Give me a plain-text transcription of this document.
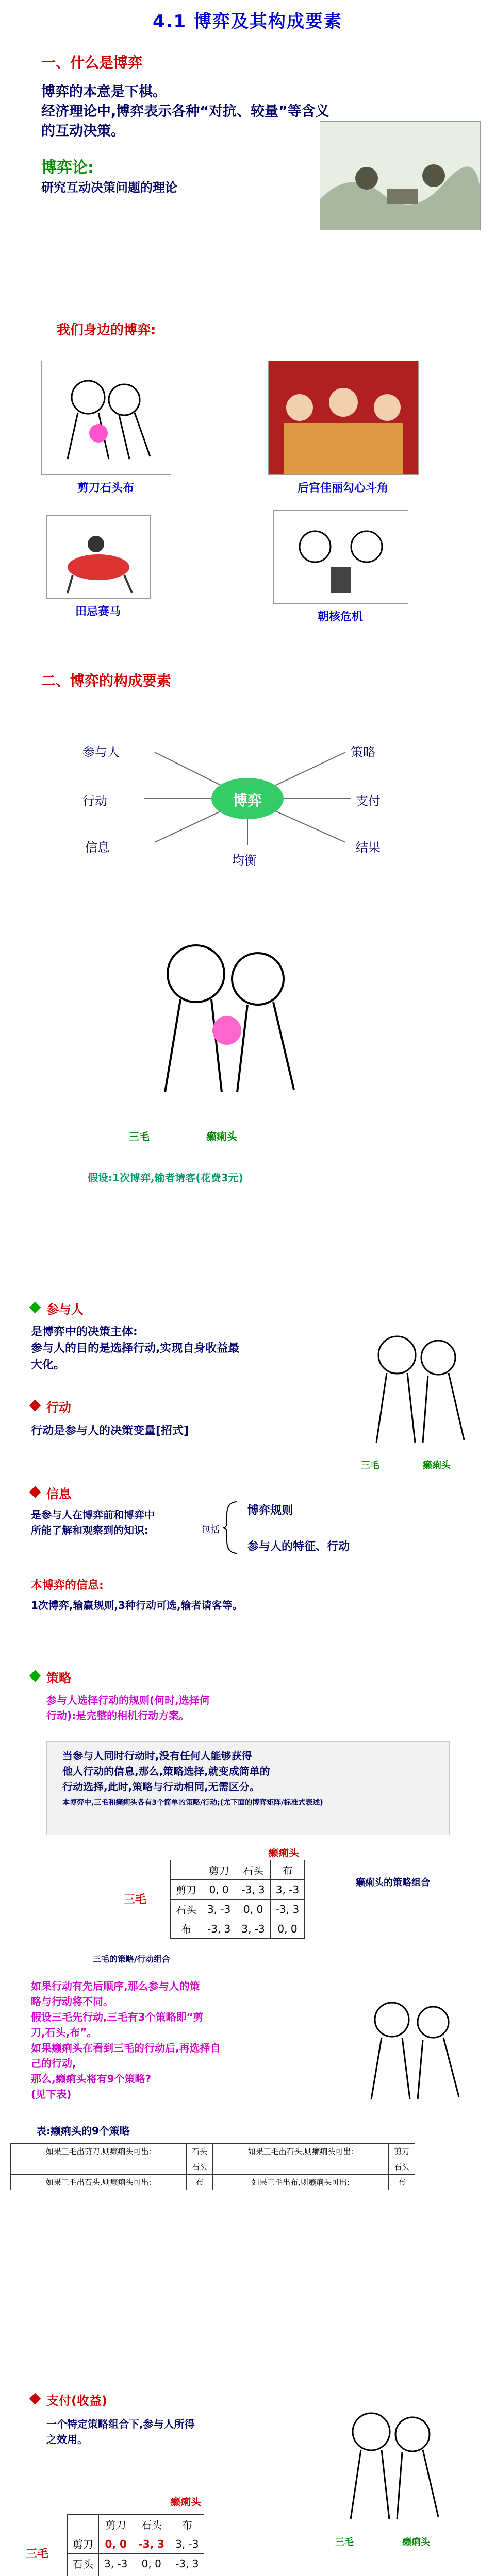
4.1 博弈及其构成要素
一、什么是博弈
博弈的本意是下棋。
经济理论中,博弈表示各种“对抗、较量”等含义
的互动决策。
博弈论:
研究互动决策问题的理论
我们身边的博弈:
剪刀石头布	后宫佳丽勾心斗角
田忌赛马	朝核危机
二、博弈的构成要素
博弈
参与人	策略
行动	支付
信息
均衡
结果
三毛	癞痢头
假设:1次博弈,输者请客(花费3元)
参与人
是博弈中的决策主体:
参与人的目的是选择行动,实现自身收益最
大化。
三毛	癞痢头
行动
行动是参与人的决策变量[招式]
信息
是参与人在博弈前和博弈中
所能了解和观察到的知识:	包括
博弈规则
参与人的特征、行动
本博弈的信息:
1次博弈,输赢规则,3种行动可选,输者请客等。
策略
参与人选择行动的规则(何时,选择何
行动):是完整的相机行动方案。
当参与人同时行动时,没有任何人能够获得
他人行动的信息,那么,策略选择,就变成简单的
行动选择,此时,策略与行动相同,无需区分。
本博弈中,三毛和癞痢头各有3个简单的策略/行动;(尤下面的博弈矩阵/标准式表述)
癞痢头
三毛
	剪刀	石头	布
剪刀	0, 0	-3, 3	3, -3
石头	3, -3	0, 0	-3, 3
布	-3, 3	3, -3	0, 0
癞痢头的策略组合
三毛的策略/行动组合
如果行动有先后顺序,那么参与人的策
略与行动将不同。
假设三毛先行动,三毛有3个策略即“剪
刀,石头,布”。
如果癞痢头在看到三毛的行动后,再选择自
己的行动,
那么,癞痢头将有9个策略?
(见下表)
表:癞痢头的9个策略
如果三毛出剪刀,则癞痢头可出:	石头	如果三毛出石头,则癞痢头可出:	剪刀
	石头		石头
如果三毛出石头,则癞痢头可出:	布	如果三毛出布,则癞痢头可出:	布
支付(收益)
一个特定策略组合下,参与人所得
之效用。
三毛	癞痢头
癞痢头
三毛
	剪刀	石头	布
剪刀	0, 0	-3, 3	3, -3
石头	3, -3	0, 0	-3, 3
